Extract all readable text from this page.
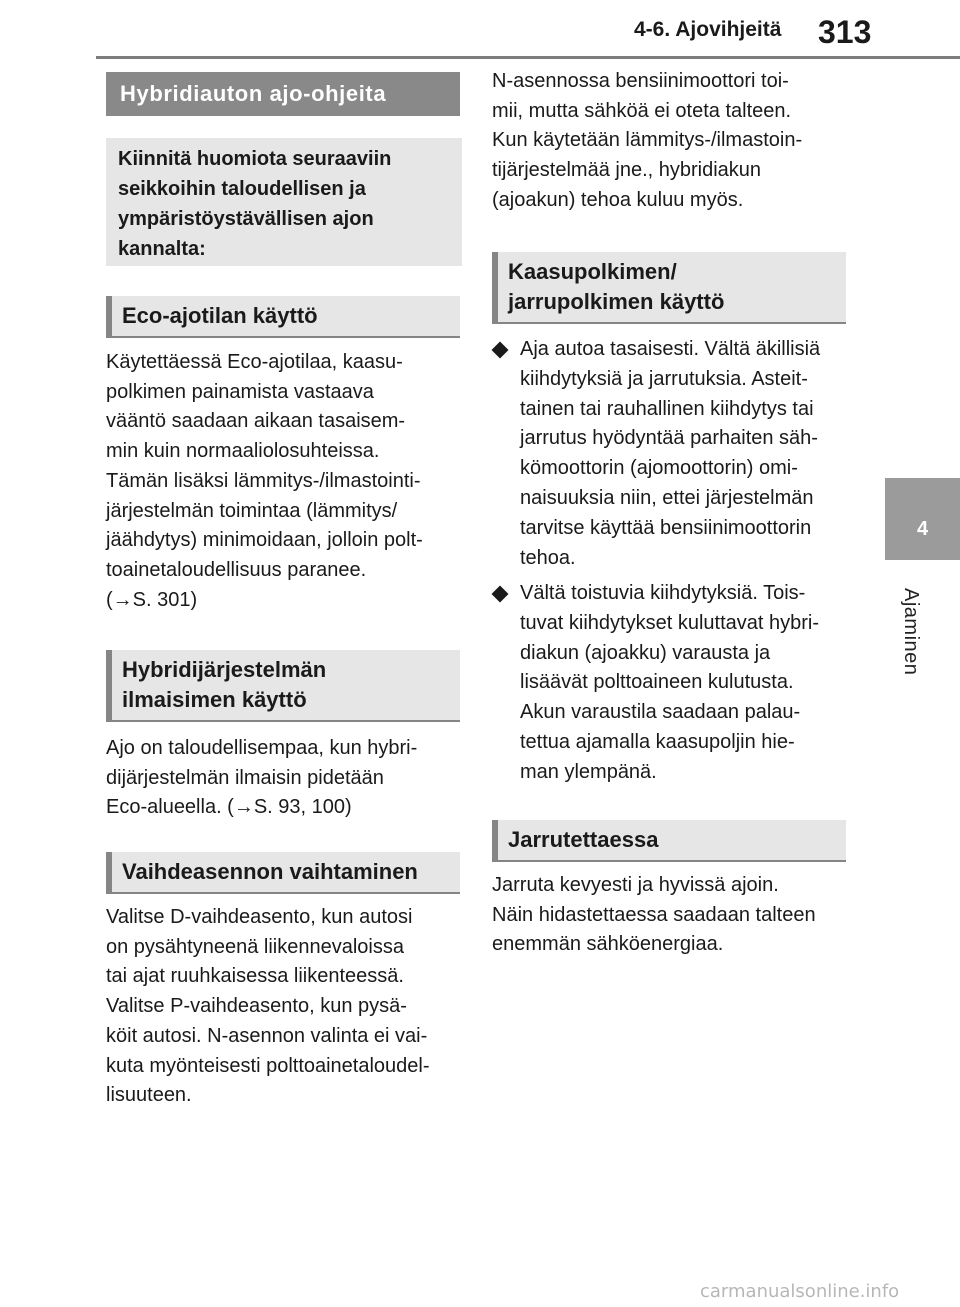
4-6. Ajovihjeitä 313
4
Ajaminen
Hybridiauton ajo-ohjeita
Kiinnitä huomiota seuraaviin
seikkoihin taloudellisen ja
ympäristöystävällisen ajon
kannalta:
Eco-ajotilan käyttö

Käytettäessä Eco-ajotilaa, kaasu-
polkimen painamista vastaava
vääntö saadaan aikaan tasaisem-
min kuin normaaliolosuhteissa.
Tämän lisäksi lämmitys-/ilmastointi-
järjestelmän toimintaa (lämmitys/
jäähdytys) minimoidaan, jolloin polt-
toainetaloudellisuus paranee.
(→S. 301)

Hybridijärjestelmän
ilmaisimen käyttö

Ajo on taloudellisempaa, kun hybri-
dijärjestelmän ilmaisin pidetään
Eco-alueella. (→S. 93, 100)

Vaihdeasennon vaihtaminen

Valitse D-vaihdeasento, kun autosi
on pysähtyneenä liikennevaloissa
tai ajat ruuhkaisessa liikenteessä.
Valitse P-vaihdeasento, kun pysä-
köit autosi. N-asennon valinta ei vai-
kuta myönteisesti polttoainetaloudel-
lisuuteen.

N-asennossa bensiinimoottori toi-
mii, mutta sähköä ei oteta talteen.
Kun käytetään lämmitys-/ilmastoin-
tijärjestelmää jne., hybridiakun
(ajoakun) tehoa kuluu myös.

Kaasupolkimen/
jarrupolkimen käyttö
Aja autoa tasaisesti. Vältä äkillisiä
kiihdytyksiä ja jarrutuksia. Asteit-
tainen tai rauhallinen kiihdytys tai
jarrutus hyödyntää parhaiten säh-
kömoottorin (ajomoottorin) omi-
naisuuksia niin, ettei järjestelmän
tarvitse käyttää bensiinimoottorin
tehoa.
Vältä toistuvia kiihdytyksiä. Tois-
tuvat kiihdytykset kuluttavat hybri-
diakun (ajoakku) varausta ja
lisäävät polttoaineen kulutusta.
Akun varaustila saadaan palau-
tettua ajamalla kaasupoljin hie-
man ylempänä.
Jarrutettaessa

Jarruta kevyesti ja hyvissä ajoin.
Näin hidastettaessa saadaan talteen
enemmän sähköenergiaa.

carmanualsonline.info
